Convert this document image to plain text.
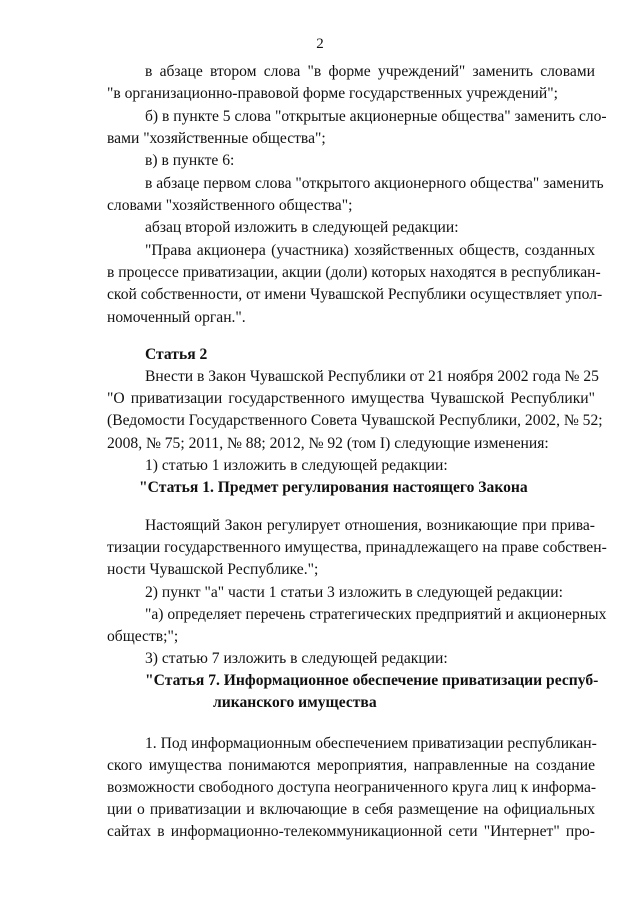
2
в абзаце втором слова "в форме учреждений" заменить словами
"в организационно-правовой форме государственных учреждений";
б) в пункте 5 слова "открытые акционерные общества" заменить сло-
вами "хозяйственные общества";
в) в пункте 6:
в абзаце первом слова "открытого акционерного общества" заменить
словами "хозяйственного общества";
абзац второй изложить в следующей редакции:
"Права акционера (участника) хозяйственных обществ, созданных
в процессе приватизации, акции (доли) которых находятся в республикан-
ской собственности, от имени Чувашской Республики осуществляет упол-
номоченный орган.".
Статья 2
Внести в Закон Чувашской Республики от 21 ноября 2002 года № 25
"О приватизации государственного имущества Чувашской Республики"
(Ведомости Государственного Совета Чувашской Республики, 2002, № 52;
2008, № 75; 2011, № 88; 2012, № 92 (том I) следующие изменения:
1) статью 1 изложить в следующей редакции:
"Статья 1. Предмет регулирования настоящего Закона
Настоящий Закон регулирует отношения, возникающие при прива-
тизации государственного имущества, принадлежащего на праве собствен-
ности Чувашской Республике.";
2) пункт "а" части 1 статьи 3 изложить в следующей редакции:
"а) определяет перечень стратегических предприятий и акционерных
обществ;";
3) статью 7 изложить в следующей редакции:
"Статья 7. Информационное обеспечение приватизации респуб-
ликанского имущества
1. Под информационным обеспечением приватизации республикан-
ского имущества понимаются мероприятия, направленные на создание
возможности свободного доступа неограниченного круга лиц к информа-
ции о приватизации и включающие в себя размещение на официальных
сайтах в информационно-телекоммуникационной сети "Интернет" про-
